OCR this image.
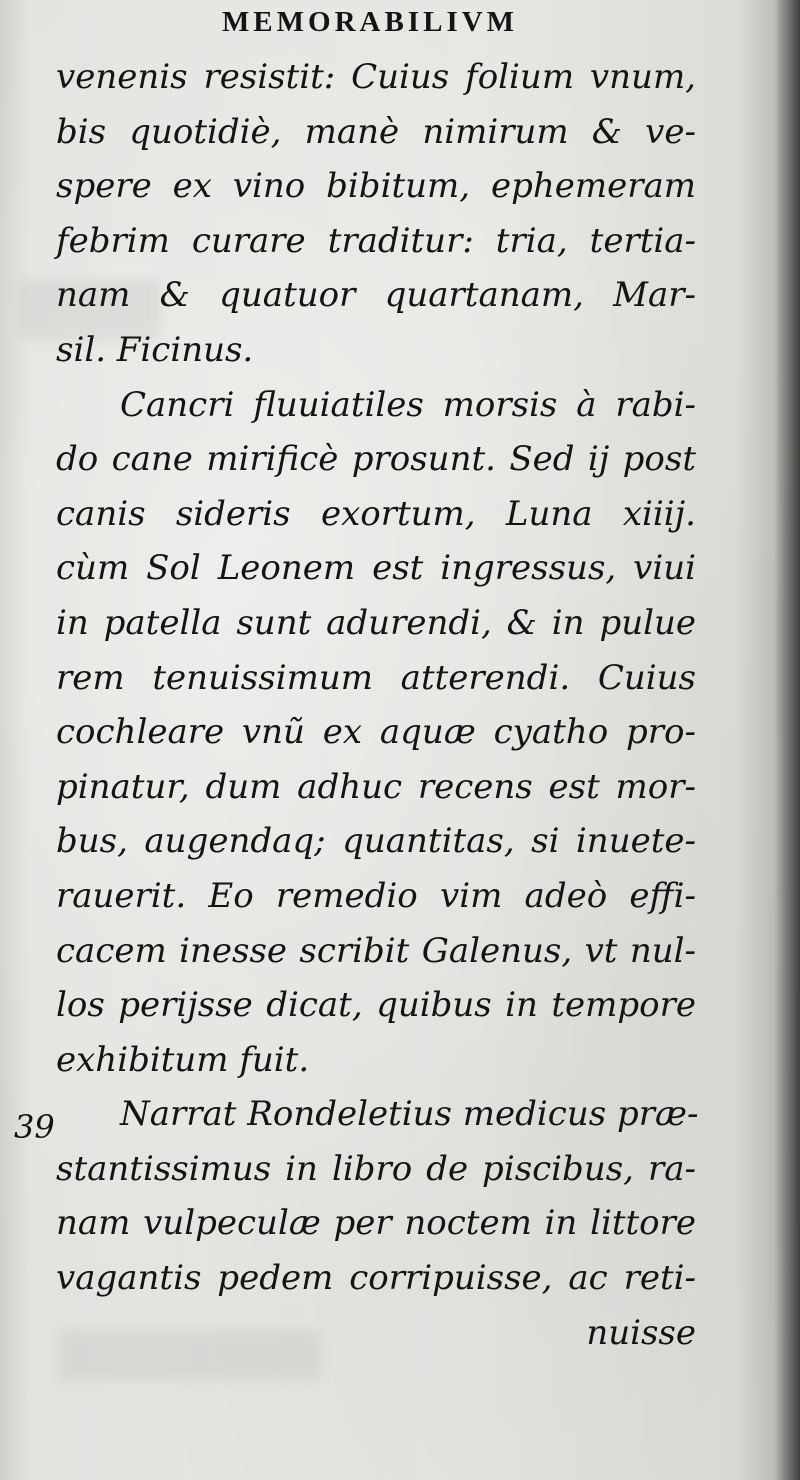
MEMORABILIVM
39
venenis resistit: Cuius folium vnum,
bis quotidiè, manè nimirum & ve-
spere ex vino bibitum, ephemeram
febrim curare traditur: tria, tertia-
nam & quatuor quartanam, Mar-
sil. Ficinus.
Cancri fluuiatiles morsis à rabi-
do cane mirificè prosunt. Sed ij post
canis sideris exortum, Luna xiiij.
cùm Sol Leonem est ingressus, viui
in patella sunt adurendi, & in pulue
rem tenuissimum atterendi. Cuius
cochleare vnũ ex aquæ cyatho pro-
pinatur, dum adhuc recens est mor-
bus, augendaq; quantitas, si inuete-
rauerit. Eo remedio vim adeò effi-
cacem inesse scribit Galenus, vt nul-
los perijsse dicat, quibus in tempore
exhibitum fuit.
Narrat Rondeletius medicus præ-
stantissimus in libro de piscibus, ra-
nam vulpeculæ per noctem in littore
vagantis pedem corripuisse, ac reti-
nuisse
